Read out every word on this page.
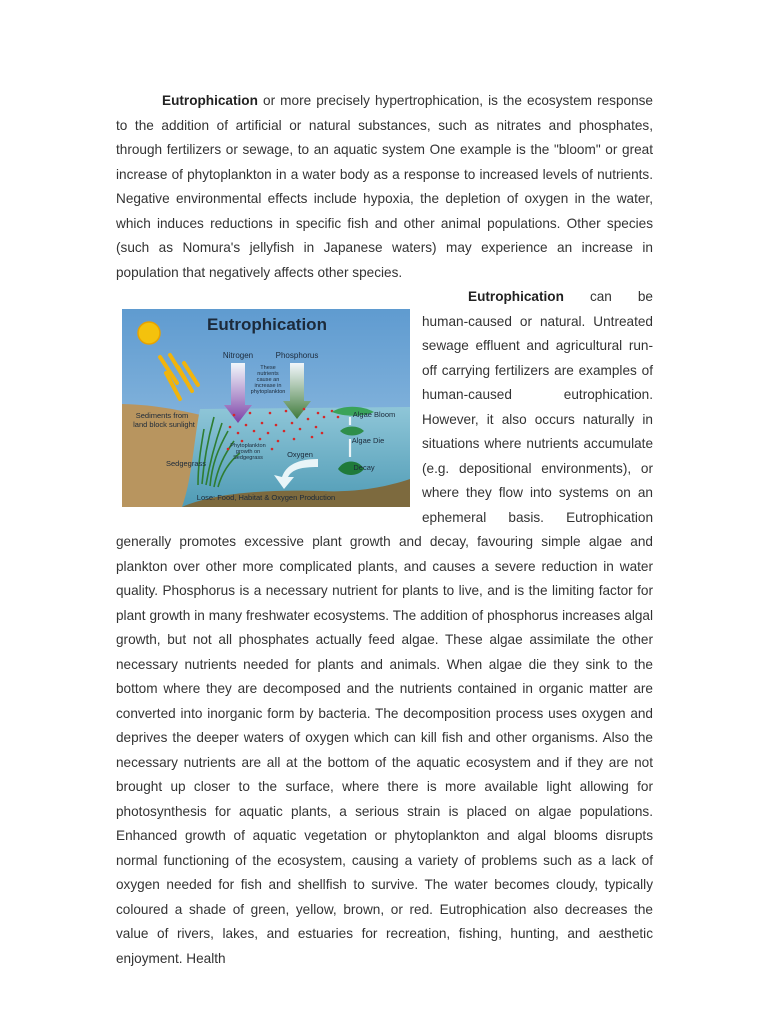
Eutrophication or more precisely hypertrophication, is the ecosystem response to the addition of artificial or natural substances, such as nitrates and phosphates, through fertilizers or sewage, to an aquatic system One example is the "bloom" or great increase of phytoplankton in a water body as a response to increased levels of nutrients. Negative environmental effects include hypoxia, the depletion of oxygen in the water, which induces reductions in specific fish and other animal populations. Other species (such as Nomura's jellyfish in Japanese waters) may experience an increase in population that negatively affects other species.

Eutrophication
Nitrogen	Phosphorus
These
nutrients
cause an
increase in
phytoplankton
Sediments from
land block sunlight
Sedgegrass
Phytoplankton
growth on
Sedgegrass
Algae Bloom
Algae Die
Decay
Oxygen
Lose: Food, Habitat & Oxygen Production

Eutrophication can be human-caused or natural. Untreated sewage effluent and agricultural run-off carrying fertilizers are examples of human-caused eutrophication. However, it also occurs naturally in situations where nutrients accumulate (e.g. depositional environments), or where they flow into systems on an ephemeral basis. Eutrophication generally promotes excessive plant growth and decay, favouring simple algae and plankton over other more complicated plants, and causes a severe reduction in water quality. Phosphorus is a necessary nutrient for plants to live, and is the limiting factor for plant growth in many freshwater ecosystems. The addition of phosphorus increases algal growth, but not all phosphates actually feed algae. These algae assimilate the other necessary nutrients needed for plants and animals. When algae die they sink to the bottom where they are decomposed and the nutrients contained in organic matter are converted into inorganic form by bacteria. The decomposition process uses oxygen and deprives the deeper waters of oxygen which can kill fish and other organisms. Also the necessary nutrients are all at the bottom of the aquatic ecosystem and if they are not brought up closer to the surface, where there is more available light allowing for photosynthesis for aquatic plants, a serious strain is placed on algae populations. Enhanced growth of aquatic vegetation or phytoplankton and algal blooms disrupts normal functioning of the ecosystem, causing a variety of problems such as a lack of oxygen needed for fish and shellfish to survive. The water becomes cloudy, typically coloured a shade of green, yellow, brown, or red. Eutrophication also decreases the value of rivers, lakes, and estuaries for recreation, fishing, hunting, and aesthetic enjoyment. Health
